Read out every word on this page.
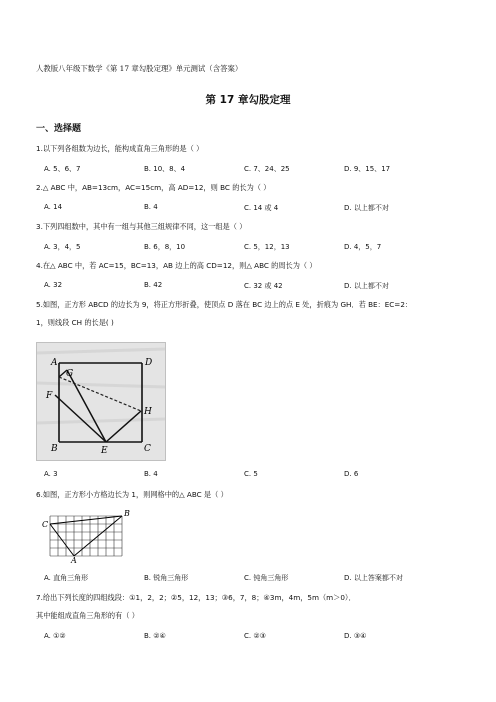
人教版八年级下数学《第 17 章勾股定理》单元测试（含答案）
第 17 章勾股定理
一、选择题
1.以下列各组数为边长，能构成直角三角形的是（ ）
A. 5、6、7	B. 10、8、4	C. 7、24、25	D. 9、15、17
2.△ ABC 中，AB=13cm，AC=15cm，高 AD=12，则 BC 的长为（ ）
A. 14	B. 4	C. 14 或 4	D. 以上都不对
3.下列四组数中，其中有一组与其他三组规律不同，这一组是（ ）
A. 3，4，5	B. 6，8，10	C. 5，12，13	D. 4，5，7
4.在△ ABC 中，若 AC=15，BC=13，AB 边上的高 CD=12，则△ ABC 的周长为（ ）
A. 32	B. 42	C. 32 或 42	D. 以上都不对
5.如图，正方形 ABCD 的边长为 9，将正方形折叠，使顶点 D 落在 BC 边上的点 E 处，折痕为 GH．若 BE：EC=2：
1，则线段 CH 的长是( )
A	D
G
F
H
B	E	C
A. 3	B. 4	C. 5	D. 6
6.如图，正方形小方格边长为 1，则网格中的△ ABC 是（ ）
C
B
A
A. 直角三角形	B. 锐角三角形	C. 钝角三角形	D. 以上答案都不对
7.给出下列长度的四组线段：①1，2，2；②5，12，13；③6，7，8；④3m，4m，5m（m＞0）．
其中能组成直角三角形的有（ ）
A. ①②	B. ②④	C. ②③	D. ③④
